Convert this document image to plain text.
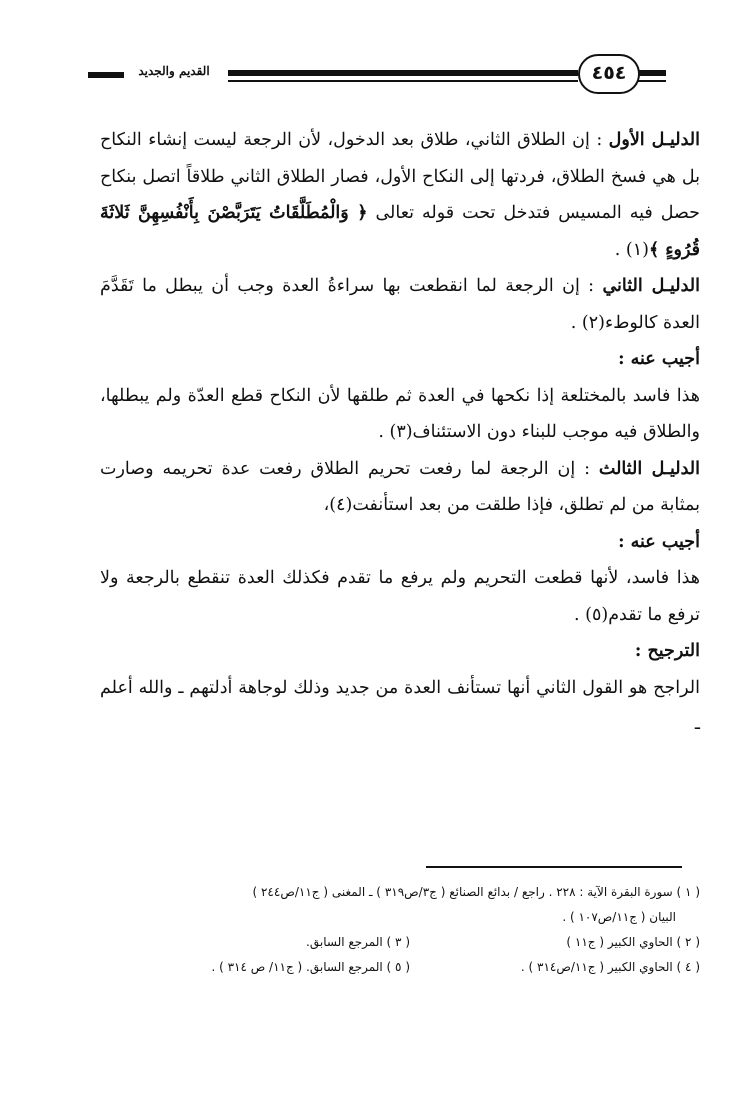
القديم والجديد	٤٥٤

الدليـل الأول : إن الطلاق الثاني، طلاق بعد الدخول، لأن الرجعة ليست إنشاء النكاح بل هي فسخ الطلاق، فردتها إلى النكاح الأول، فصار الطلاق الثاني طلاقاً اتصل بنكاح حصل فيه المسيس فتدخل تحت قوله تعالى ﴿ وَالْمُطَلَّقَاتُ يَتَرَبَّصْنَ بِأَنْفُسِهِنَّ ثَلاثَةَ قُرُوءٍ ﴾(١) .

الدليـل الثاني : إن الرجعة لما انقطعت بها سراءةُ العدة وجب أن يبطل ما تَقَدَّمَ العدة كالوطء(٢) .

أجيب عنه :

هذا فاسد بالمختلعة إذا نكحها في العدة ثم طلقها لأن النكاح قطع العدّة ولم يبطلها، والطلاق فيه موجب للبناء دون الاستئناف(٣) .

الدليـل الثالث : إن الرجعة لما رفعت تحريم الطلاق رفعت عدة تحريمه وصارت بمثابة من لم تطلق، فإذا طلقت من بعد استأنفت(٤)،

أجيب عنه :

هذا فاسد، لأنها قطعت التحريم ولم يرفع ما تقدم فكذلك العدة تنقطع بالرجعة ولا ترفع ما تقدم(٥) .

الترجيح :

الراجح هو القول الثاني أنها تستأنف العدة من جديد وذلك لوجاهة أدلتهم ـ والله أعلم ـ

( ١ ) سورة البقرة الآية : ٢٢٨ . راجع / بدائع الصنائع ( ج٣/ص٣١٩ ) ـ المغنى ( ج١١/ص٢٤٤ )
البيان ( ج١١/ص١٠٧ ) .
( ٢ ) الحاوي الكبير ( ج١١ )
( ٣ ) المرجع السابق.
( ٤ ) الحاوي الكبير ( ج١١/ص٣١٤ ) .
( ٥ ) المرجع السابق. ( ج١١/ ص ٣١٤ ) .
